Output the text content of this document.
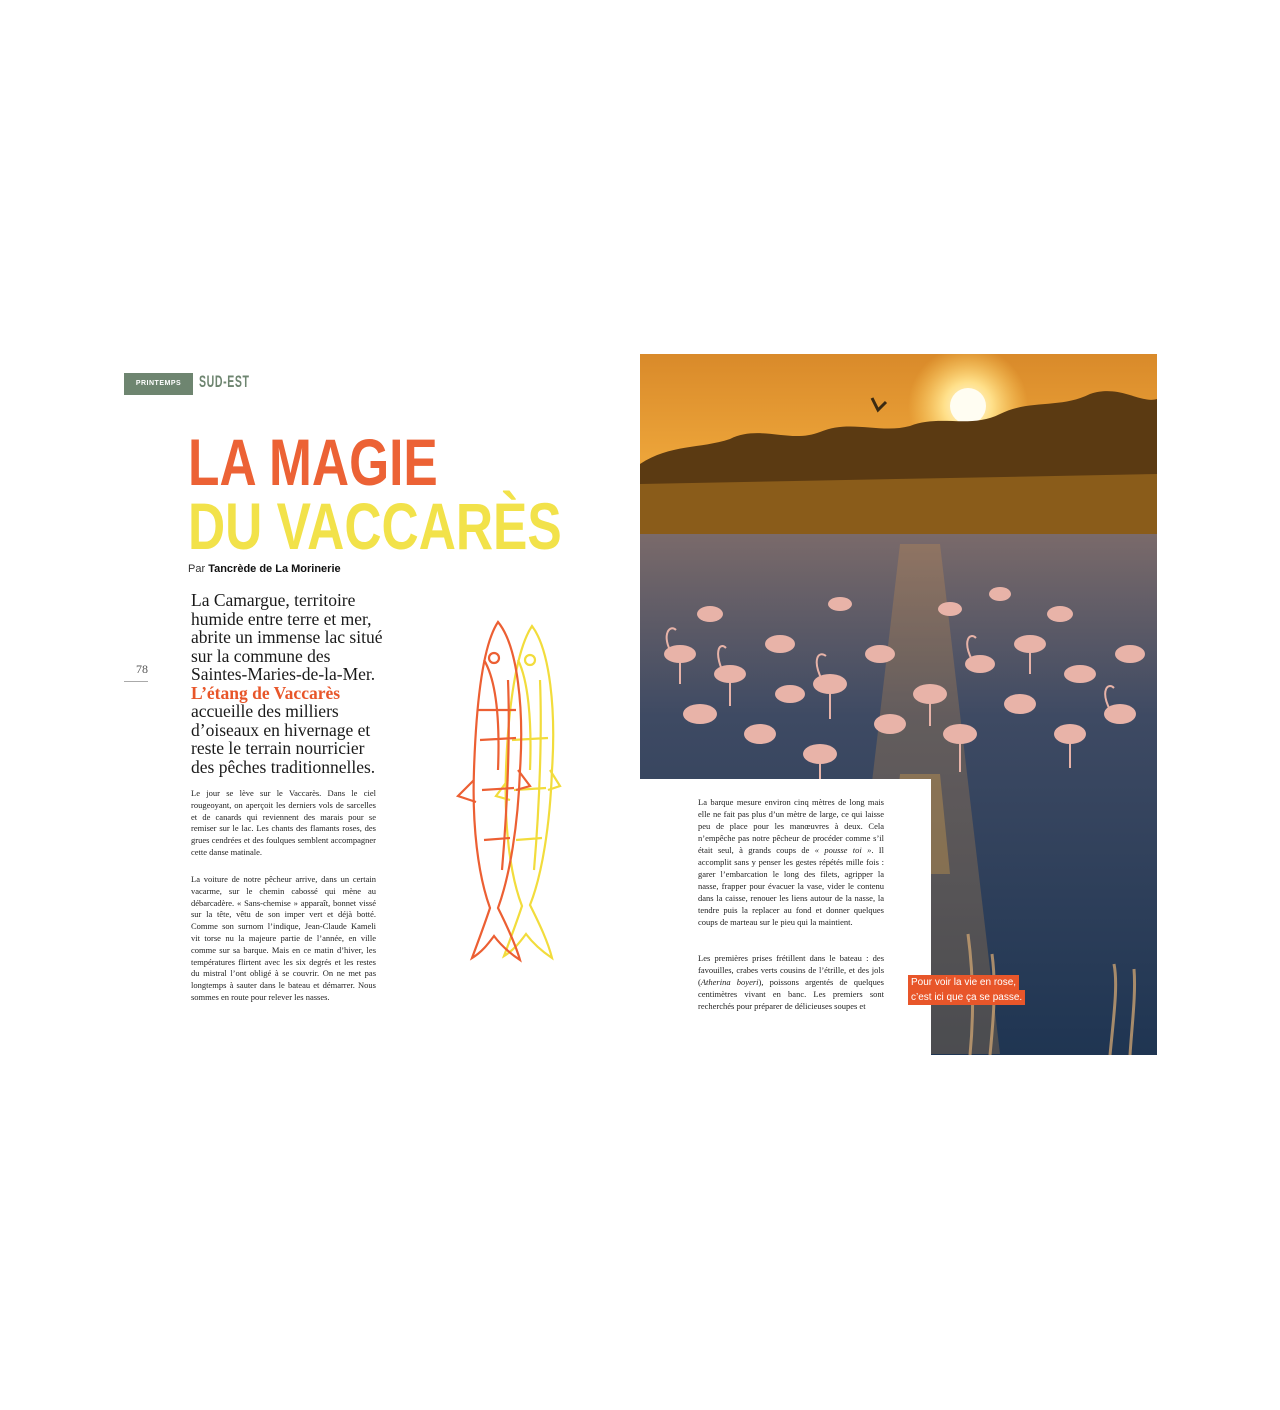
PRINTEMPS	SUD-EST
LA MAGIE
DU VACCARÈS
Par Tancrède de La Morinerie
La Camargue, territoire humide entre terre et mer, abrite un immense lac situé sur la commune des Saintes-Maries-de-la-Mer.
L’étang de Vaccarès
accueille des milliers d’oiseaux en hivernage et reste le terrain nourricier des pêches traditionnelles.
78
Le jour se lève sur le Vaccarès. Dans le ciel rougeoyant, on aperçoit les derniers vols de sarcelles et de canards qui reviennent des marais pour se remiser sur le lac. Les chants des flamants roses, des grues cendrées et des foulques semblent accompagner cette danse matinale.
La voiture de notre pêcheur arrive, dans un certain vacarme, sur le chemin cabossé qui mène au débarcadère. « Sans-chemise » apparaît, bonnet vissé sur la tête, vêtu de son imper vert et déjà botté. Comme son surnom l’indique, Jean-Claude Kameli vit torse nu la majeure partie de l’année, en ville comme sur sa barque. Mais en ce matin d’hiver, les températures flirtent avec les six degrés et les restes du mistral l’ont obligé à se couvrir. On ne met pas longtemps à sauter dans le bateau et démarrer. Nous sommes en route pour relever les nasses.
La barque mesure environ cinq mètres de long mais elle ne fait pas plus d’un mètre de large, ce qui laisse peu de place pour les manœuvres à deux. Cela n’empêche pas notre pêcheur de procéder comme s’il était seul, à grands coups de « pousse toi ». Il accomplit sans y penser les gestes répétés mille fois : garer l’embarcation le long des filets, agripper la nasse, frapper pour évacuer la vase, vider le contenu dans la caisse, renouer les liens autour de la nasse, la tendre puis la replacer au fond et donner quelques coups de marteau sur le pieu qui la maintient.
Les premières prises frétillent dans le bateau : des favouilles, crabes verts cousins de l’étrille, et des jols (Atherina boyeri), poissons argentés de quelques centimètres vivant en banc. Les premiers sont recherchés pour préparer de délicieuses soupes et
Pour voir la vie en rose,
c’est ici que ça se passe.
